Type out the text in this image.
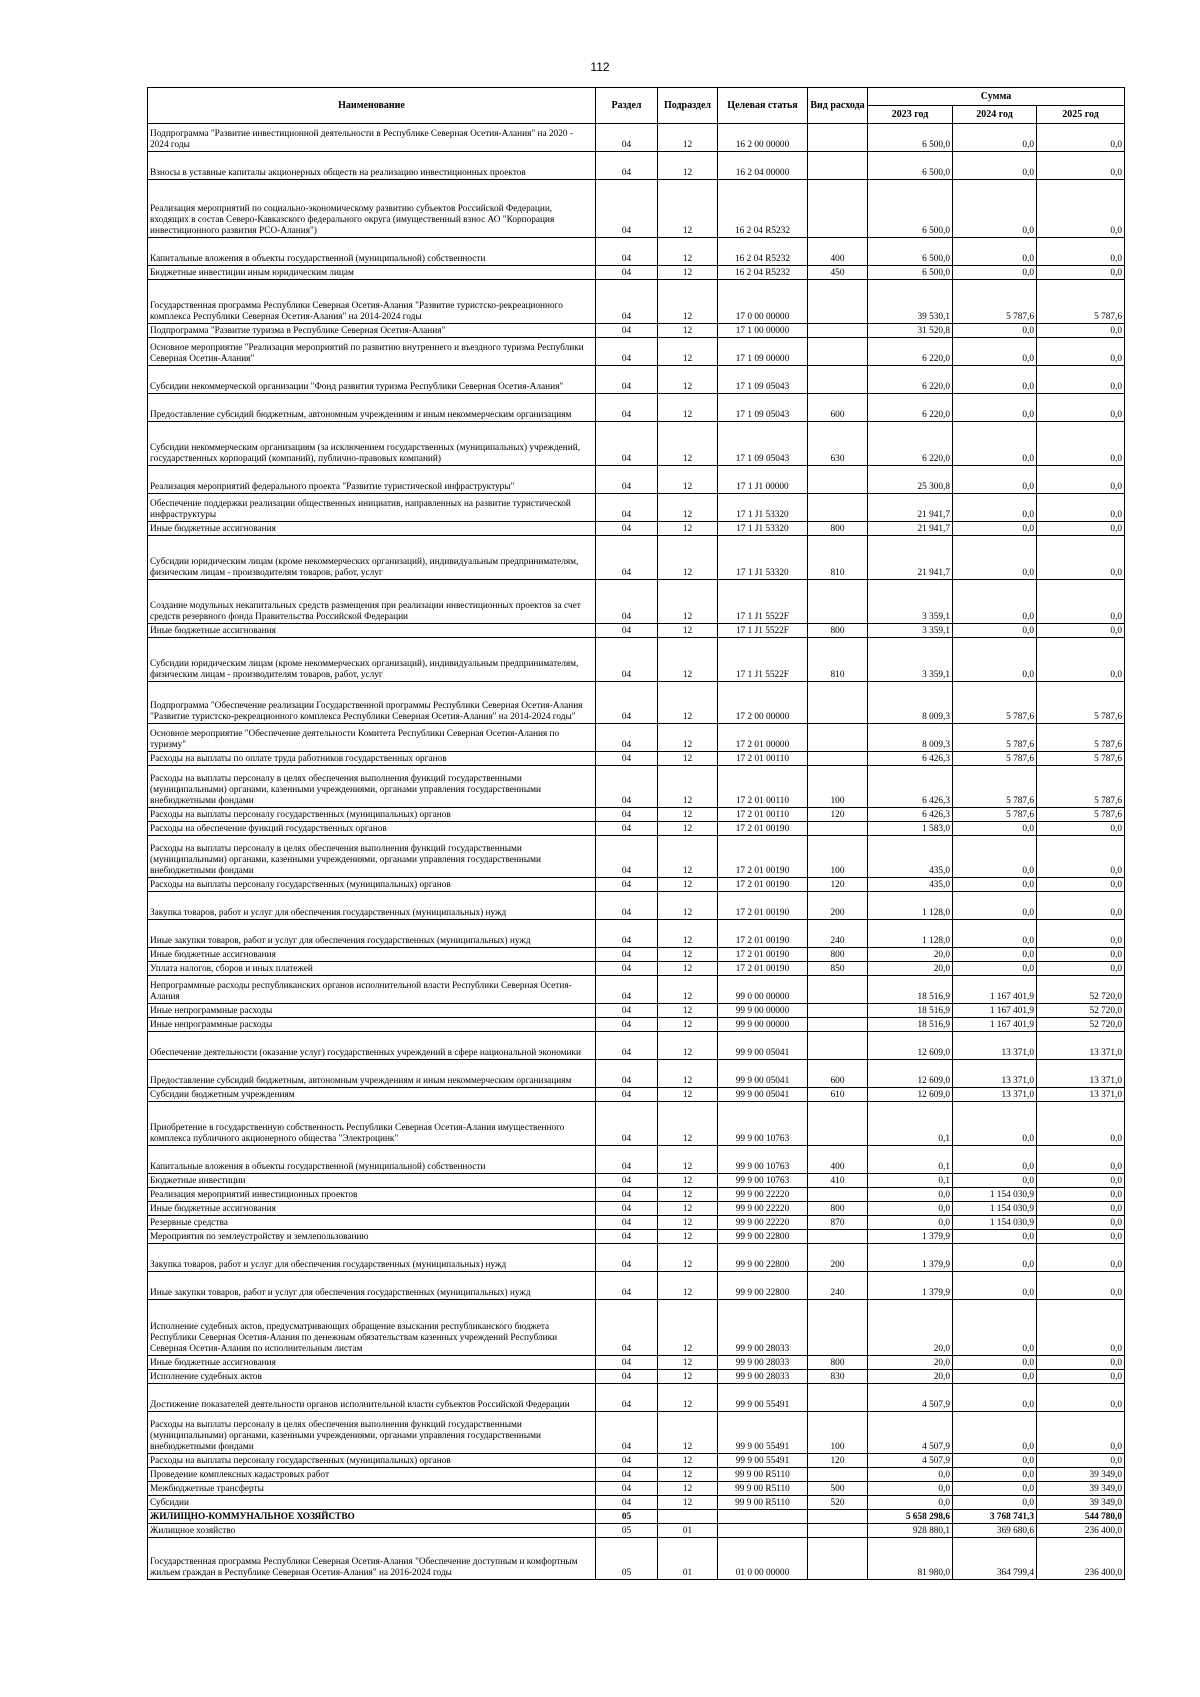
112
Наименование	Раздел	Подраздел	Целевая статья	Вид расхода	Сумма		
					2023 год	2024 год	2025 год
Подпрограмма "Развитие инвестиционной деятельности в Республике Северная Осетия-Алания" на 2020 - 2024 годы	04	12	16 2 00 00000		6 500,0	0,0	0,0
Взносы в уставные капиталы акционерных обществ на реализацию инвестиционных проектов	04	12	16 2 04 00000		6 500,0	0,0	0,0
Реализация мероприятий по социально-экономическому развитию субъектов Российской Федерации, входящих в состав Северо-Кавказского федерального округа (имущественный взнос АО "Корпорация инвестиционного развития РСО-Алания")	04	12	16 2 04 R5232		6 500,0	0,0	0,0
Капитальные вложения в объекты государственной (муниципальной) собственности	04	12	16 2 04 R5232	400	6 500,0	0,0	0,0
Бюджетные инвестиции иным юридическим лицам	04	12	16 2 04 R5232	450	6 500,0	0,0	0,0
Государственная программа Республики Северная Осетия-Алания "Развитие туристско-рекреационного комплекса Республики Северная Осетия-Алания" на 2014-2024 годы	04	12	17 0 00 00000		39 530,1	5 787,6	5 787,6
Подпрограмма "Развитие туризма в Республике Северная Осетия-Алания"	04	12	17 1 00 00000		31 520,8	0,0	0,0
Основное мероприятие "Реализация мероприятий по развитию внутреннего и въездного туризма Республики Северная Осетия-Алания"	04	12	17 1 09 00000		6 220,0	0,0	0,0
Субсидии некоммерческой организации "Фонд развития туризма Республики Северная Осетия-Алания"	04	12	17 1 09 05043		6 220,0	0,0	0,0
Предоставление субсидий бюджетным, автономным учреждениям и иным некоммерческим организациям	04	12	17 1 09 05043	600	6 220,0	0,0	0,0
Субсидии некоммерческим организациям (за исключением государственных (муниципальных) учреждений, государственных корпораций (компаний), публично-правовых компаний)	04	12	17 1 09 05043	630	6 220,0	0,0	0,0
Реализация мероприятий федерального проекта "Развитие туристической инфраструктуры"	04	12	17 1 J1 00000		25 300,8	0,0	0,0
Обеспечение поддержки реализации общественных инициатив, направленных на развитие туристической инфраструктуры	04	12	17 1 J1 53320		21 941,7	0,0	0,0
Иные бюджетные ассигнования	04	12	17 1 J1 53320	800	21 941,7	0,0	0,0
Субсидии юридическим лицам (кроме некоммерческих организаций), индивидуальным предпринимателям, физическим лицам - производителям товаров, работ, услуг	04	12	17 1 J1 53320	810	21 941,7	0,0	0,0
Создание модульных некапитальных средств размещения при реализации инвестиционных проектов за счет средств резервного фонда Правительства Российской Федерации	04	12	17 1 J1 5522F		3 359,1	0,0	0,0
Иные бюджетные ассигнования	04	12	17 1 J1 5522F	800	3 359,1	0,0	0,0
Субсидии юридическим лицам (кроме некоммерческих организаций), индивидуальным предпринимателям, физическим лицам - производителям товаров, работ, услуг	04	12	17 1 J1 5522F	810	3 359,1	0,0	0,0
Подпрограмма "Обеспечение реализации Государственной программы Республики Северная Осетия-Алания "Развитие туристско-рекреационного комплекса Республики Северная Осетия-Алания" на 2014-2024 годы"	04	12	17 2 00 00000		8 009,3	5 787,6	5 787,6
Основное мероприятие "Обеспечение деятельности Комитета Республики Северная Осетия-Алания по туризму"	04	12	17 2 01 00000		8 009,3	5 787,6	5 787,6
Расходы на выплаты по оплате труда работников государственных органов	04	12	17 2 01 00110		6 426,3	5 787,6	5 787,6
Расходы на выплаты персоналу в целях обеспечения выполнения функций государственными (муниципальными) органами, казенными учреждениями, органами управления государственными внебюджетными фондами	04	12	17 2 01 00110	100	6 426,3	5 787,6	5 787,6
Расходы на выплаты персоналу государственных (муниципальных) органов	04	12	17 2 01 00110	120	6 426,3	5 787,6	5 787,6
Расходы на обеспечение функций государственных органов	04	12	17 2 01 00190		1 583,0	0,0	0,0
Расходы на выплаты персоналу в целях обеспечения выполнения функций государственными (муниципальными) органами, казенными учреждениями, органами управления государственными внебюджетными фондами	04	12	17 2 01 00190	100	435,0	0,0	0,0
Расходы на выплаты персоналу государственных (муниципальных) органов	04	12	17 2 01 00190	120	435,0	0,0	0,0
Закупка товаров, работ и услуг для обеспечения государственных (муниципальных) нужд	04	12	17 2 01 00190	200	1 128,0	0,0	0,0
Иные закупки товаров, работ и услуг для обеспечения государственных (муниципальных) нужд	04	12	17 2 01 00190	240	1 128,0	0,0	0,0
Иные бюджетные ассигнования	04	12	17 2 01 00190	800	20,0	0,0	0,0
Уплата налогов, сборов и иных платежей	04	12	17 2 01 00190	850	20,0	0,0	0,0
Непрограммные расходы республиканских органов исполнительной власти Республики Северная Осетия-Алания	04	12	99 0 00 00000		18 516,9	1 167 401,9	52 720,0
Иные непрограммные расходы	04	12	99 9 00 00000		18 516,9	1 167 401,9	52 720,0
Иные непрограммные расходы	04	12	99 9 00 00000		18 516,9	1 167 401,9	52 720,0
Обеспечение деятельности (оказание услуг) государственных учреждений в сфере национальной экономики	04	12	99 9 00 05041		12 609,0	13 371,0	13 371,0
Предоставление субсидий бюджетным, автономным учреждениям и иным некоммерческим организациям	04	12	99 9 00 05041	600	12 609,0	13 371,0	13 371,0
Субсидии бюджетным учреждениям	04	12	99 9 00 05041	610	12 609,0	13 371,0	13 371,0
Приобретение в государственную собственность Республики Северная Осетия-Алания имущественного комплекса публичного акционерного общества "Электроцинк"	04	12	99 9 00 10763		0,1	0,0	0,0
Капитальные вложения в объекты государственной (муниципальной) собственности	04	12	99 9 00 10763	400	0,1	0,0	0,0
Бюджетные инвестиции	04	12	99 9 00 10763	410	0,1	0,0	0,0
Реализация мероприятий инвестиционных проектов	04	12	99 9 00 22220		0,0	1 154 030,9	0,0
Иные бюджетные ассигнования	04	12	99 9 00 22220	800	0,0	1 154 030,9	0,0
Резервные средства	04	12	99 9 00 22220	870	0,0	1 154 030,9	0,0
Мероприятия по землеустройству и землепользованию	04	12	99 9 00 22800		1 379,9	0,0	0,0
Закупка товаров, работ и услуг для обеспечения государственных (муниципальных) нужд	04	12	99 9 00 22800	200	1 379,9	0,0	0,0
Иные закупки товаров, работ и услуг для обеспечения государственных (муниципальных) нужд	04	12	99 9 00 22800	240	1 379,9	0,0	0,0
Исполнение судебных актов, предусматривающих обращение взыскания республиканского бюджета Республики Северная Осетия-Алания по денежным обязательствам казенных учреждений Республики Северная Осетия-Алания по исполнительным листам	04	12	99 9 00 28033		20,0	0,0	0,0
Иные бюджетные ассигнования	04	12	99 9 00 28033	800	20,0	0,0	0,0
Исполнение судебных актов	04	12	99 9 00 28033	830	20,0	0,0	0,0
Достижение показателей деятельности органов исполнительной власти субъектов Российской Федерации	04	12	99 9 00 55491		4 507,9	0,0	0,0
Расходы на выплаты персоналу в целях обеспечения выполнения функций государственными (муниципальными) органами, казенными учреждениями, органами управления государственными внебюджетными фондами	04	12	99 9 00 55491	100	4 507,9	0,0	0,0
Расходы на выплаты персоналу государственных (муниципальных) органов	04	12	99 9 00 55491	120	4 507,9	0,0	0,0
Проведение комплексных кадастровых работ	04	12	99 9 00 R5110		0,0	0,0	39 349,0
Межбюджетные трансферты	04	12	99 9 00 R5110	500	0,0	0,0	39 349,0
Субсидии	04	12	99 9 00 R5110	520	0,0	0,0	39 349,0
ЖИЛИЩНО-КОММУНАЛЬНОЕ ХОЗЯЙСТВО	05				5 658 298,6	3 768 741,3	544 780,0
Жилищное хозяйство	05	01			928 880,1	369 680,6	236 400,0
Государственная программа Республики Северная Осетия-Алания "Обеспечение доступным и комфортным жильем граждан в Республике Северная Осетия-Алания" на 2016-2024 годы	05	01	01 0 00 00000		81 980,0	364 799,4	236 400,0
